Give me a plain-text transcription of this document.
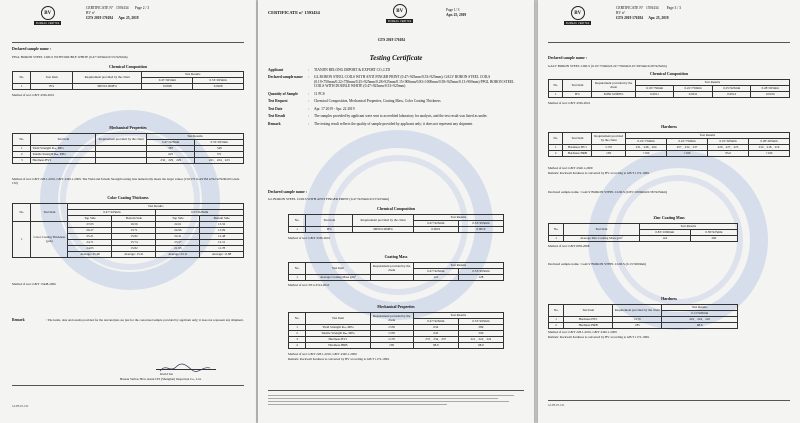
BV
BUREAU VERITAS
CERTIFICATE N° 1593434       Page 2 / 3
BV n°
GTS 2019 176184 Apr. 25, 2019
Declared sample name :
PPGL BORON STEEL COILS WITH DOUBLE WHITE (0.47×925mm/0.53×925mm)
Chemical Composition
No.	Test Item	Requirement provided by the client	Test Results	
			0.47×925mm	0.53×925mm
1	B%	MINI 0.0008%	0.0028	0.0028
Method of test: GB/T 4336-2016
Mechanical Properties
No.	Test Item	Requirement provided by the client	Test Results	
			0.47×925mm	0.53×925mm
1	Yield Strength Rₑₕ, MPa		587	548
2	Tensile Strength Rₘ, MPa		625	571
3	Hardness HV1		232、229、229	221、224、223
Method of test: GB/T 228.1-2010, GB/T 4340.1-2009. The Yield and Tensile Strength testing data numerically meets the target values (150/170 in ASTM A792/A792M-09 Grade 150)
Color Coating Thickness
No.	Test Item	Test Results			
		0.47×925mm		0.53×925mm	
		Top Side	Bottom Side	Top Side	Bottom Side
1	Color Coating Thickness (μm)	27.03	16.56	22.61	13.32
		26.27	13.71	24.96	13.09
		25.21	15.82	22.41	12.48
		24.71	15.74	23.57	12.31
		24.05	15.82	21.95	11.78
		Average: 25.48	Average: 15.21	Average: 23.11	Average: 11.88
Method of test: GB/T 13448-2006
Remark	: The items, data and results provided for the test/analysis are just for the concerned sample provided by applicant only; it does not represent any shipment.
David Liu
Bureau Veritas Hvac Asian CEI (Shanghai) Inspection Co., Ltd.
GS-BF-PS-C02
CERTIFICATE n° 1593434	BV
BUREAU VERITAS
Page 1/ 3
Apr. 25, 2019
GTS 2019 176184
Testing Certificate
Applicant	:	TIANJIN RELONG IMPORT & EXPORT CO.,LTD
Declared sample name	:	GL BORON STEEL COILS WITH ANTI FINGER PRINT (0.47×925mm/0.53×925mm); GALV BORON STEEL COILS (0.19×750mm/0.22×750mm/0.25×925mm/0.28×925mm/0.15×900mm/0.83×1000mm/0.58×925mm/0.13×900mm) PPGL BORON STEEL COILS WITH DOUBLE WHITE (0.47×925mm/0.53×925mm)
Quantity of Sample	:	11 PCS
Test Request	:	Chemical Composition, Mechanical Properties, Coating Mass, Color Coating Thickness
Test Date	:	Apr. 17 2019 - Apr. 22 2019
Test Result	:	The samples provided by applicant were sent to accredited laboratory for analysis, and the test result was listed as under.
Remark	:	The testing result reflects the quality of sample provided by applicant only; it does not represent any shipment.
Declared sample name :
GL BORON STEEL COILS WITH ANTI FINGER PRINT (0.47×925mm/0.53×925mm)
Chemical Composition
No.	Test Item	Requirement provided by the client	Test Results	
			0.47×925mm	0.53×925mm
1	B%	MINI 0.0008%	0.0019	0.0019
Method of test: GB/T 4336-2016
Coating Mass
No.	Test Item	Requirement provided by the client	Test Results	
			0.47×925mm	0.53×925mm
1	Average Coating Mass g/m²		121	128
Method of test: JIS G3314-2010
Mechanical Properties
No.	Test Item	Requirement provided by the client	Test Results	
			0.47×925mm	0.53×925mm
1	Yield Strength Rₑₕ, MPa	≥550	634	589
2	Tensile Strength Rₘ, MPa	≥550	643	596
3	Hardness HV1	≥170	237、234、237	221、222、222
4	Hardness HRB	≥85	98.9	98.0
Method of test: GB/T 228.1-2010, GB/T 4340.1-2009
Remark: Rockwell hardness is converted by HV according to GB/T 1172-1999.
BV
BUREAU VERITAS
CERTIFICATE N° 1593434         Page 3 / 3
BV n°
GTS 2019 176184 Apr. 25, 2019
Declared sample name :
GALV BORON STEEL COILS (0.19×750mm/0.22×750mm/0.25×925mm/0.28×925mm)
Chemical Composition
No.	Test Item	Requirement provided by the client	Test Results			
			0.19×750mm	0.22×750mm	0.25×925mm	0.28×925mm
1	B%	MINI 0.0008%	0.0011	0.0011	0.0014	0.0016
Method of test: GB/T 4336-2016
Hardness
No.	Test Item	Requirement provided by the client	Test Results			
			0.19×750mm	0.22×750mm	0.25×925mm	0.28×925mm
1	Hardness HV1	≥170	231、248、204	257、232、237	229、227、225	232、218、219
2	Hardness HRB	≥85	>100	>100	95.0	>100
Method of test: GB/T 4340.1-2009
Remark: Rockwell hardness is converted by HV according to GB/T 1172-1999.
Declared sample name : GALV BORON STEEL COILS (0.83×1000mm/0.58×925mm)
Zinc Coating Mass
No.	Test Item	Test Results	
		0.83×1000mm	0.58×925mm
1	Average Zinc Coating Mass g/m²	124	260
Method of test: GB/T1839-2008
Declared sample name : GALV BORON STEEL COILS (0.13×900mm)
Hardness
No.	Test Item	Requirement provided by the client	Test Results
			0.13×900mm
1	Hardness HV1	≥170	222、224、222
2	Hardness HRB	≥85	98.6
Method of test: GB/T 228.1-2010, GB/T 4340.1-2009
Remark: Rockwell hardness is converted by HV according to GB/T 1172-1999.
GS-BF-PS-C02
